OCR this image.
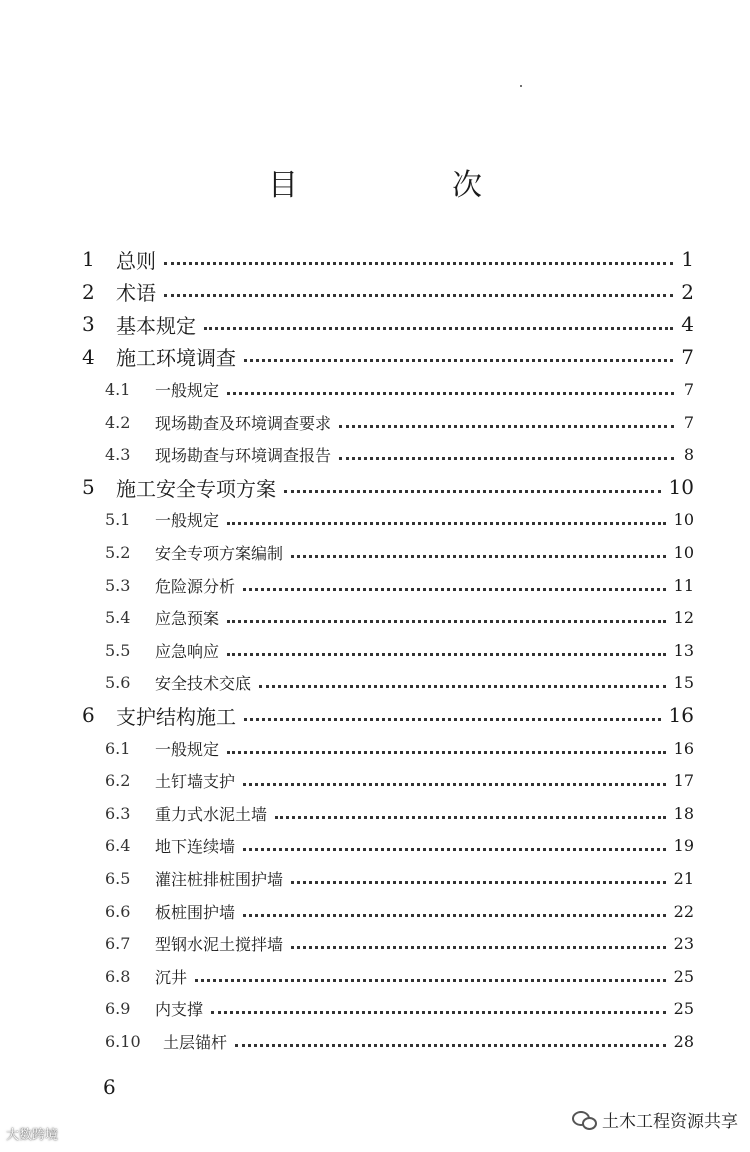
目　次
1	总则	1
2	术语	2
3	基本规定	4
4	施工环境调查	7
4.1	一般规定	7
4.2	现场勘查及环境调查要求	7
4.3	现场勘查与环境调查报告	8
5	施工安全专项方案	10
5.1	一般规定	10
5.2	安全专项方案编制	10
5.3	危险源分析	11
5.4	应急预案	12
5.5	应急响应	13
5.6	安全技术交底	15
6	支护结构施工	16
6.1	一般规定	16
6.2	土钉墙支护	17
6.3	重力式水泥土墙	18
6.4	地下连续墙	19
6.5	灌注桩排桩围护墙	21
6.6	板桩围护墙	22
6.7	型钢水泥土搅拌墙	23
6.8	沉井	25
6.9	内支撑	25
6.10	土层锚杆	28
6
大数跨境
土木工程资源共享
